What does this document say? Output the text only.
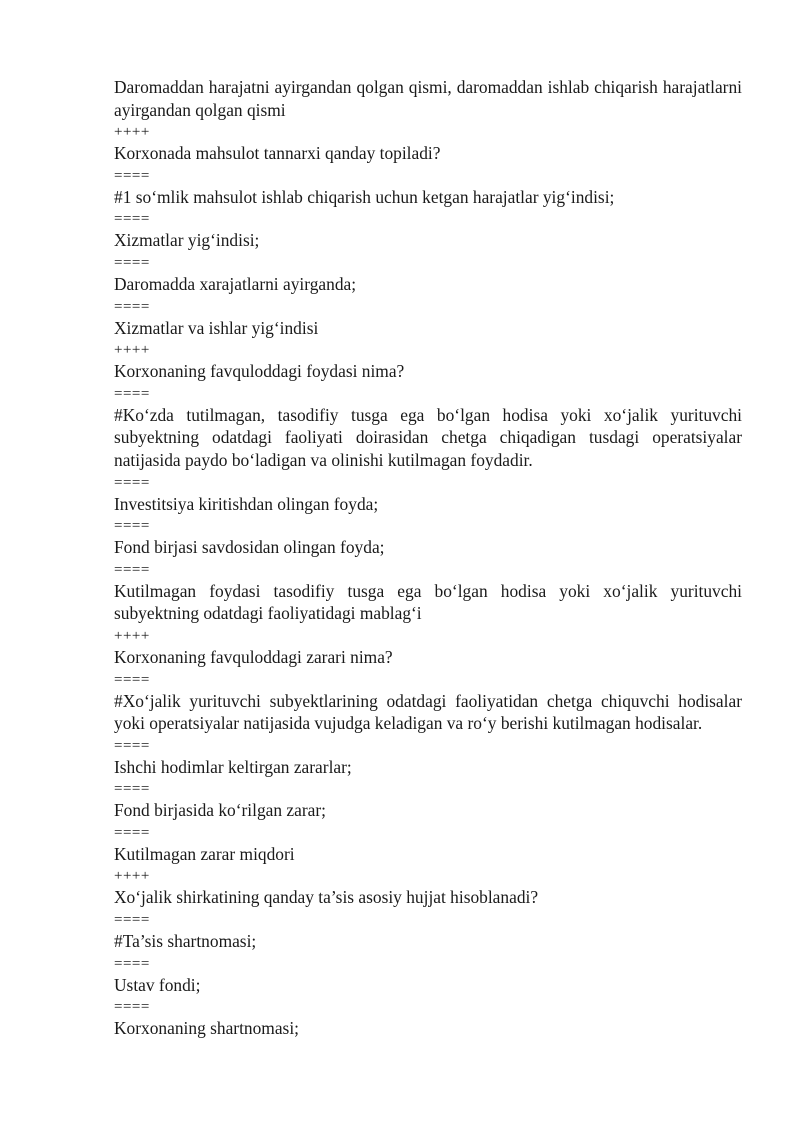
Daromaddan harajatni ayirgandan qolgan qismi, daromaddan ishlab chiqarish harajatlarni ayirgandan qolgan qismi

++++

Korxonada mahsulot tannarxi qanday topiladi?

====

#1 so‘mlik mahsulot ishlab chiqarish uchun ketgan harajatlar yig‘indisi;

====

Xizmatlar yig‘indisi;

====

Daromadda xarajatlarni ayirganda;

====

Xizmatlar va ishlar yig‘indisi

++++

Korxonaning favquloddagi foydasi nima?

====

#Ko‘zda tutilmagan, tasodifiy tusga ega bo‘lgan hodisa yoki xo‘jalik yurituvchi subyektning odatdagi faoliyati doirasidan chetga chiqadigan tusdagi operatsiyalar natijasida paydo bo‘ladigan va olinishi kutilmagan foydadir.

====

Investitsiya kiritishdan olingan foyda;

====

Fond birjasi savdosidan olingan foyda;

====

Kutilmagan foydasi tasodifiy tusga ega bo‘lgan hodisa yoki xo‘jalik yurituvchi subyektning odatdagi faoliyatidagi mablag‘i

++++

Korxonaning favquloddagi zarari nima?

====

#Xo‘jalik yurituvchi subyektlarining odatdagi faoliyatidan chetga chiquvchi hodisalar yoki operatsiyalar natijasida vujudga keladigan va ro‘y berishi kutilmagan hodisalar.

====

Ishchi hodimlar keltirgan zararlar;

====

Fond birjasida ko‘rilgan zarar;

====

Kutilmagan zarar miqdori

++++

Xo‘jalik shirkatining qanday ta’sis asosiy hujjat hisoblanadi?

====

#Ta’sis shartnomasi;

====

Ustav fondi;

====

Korxonaning shartnomasi;
